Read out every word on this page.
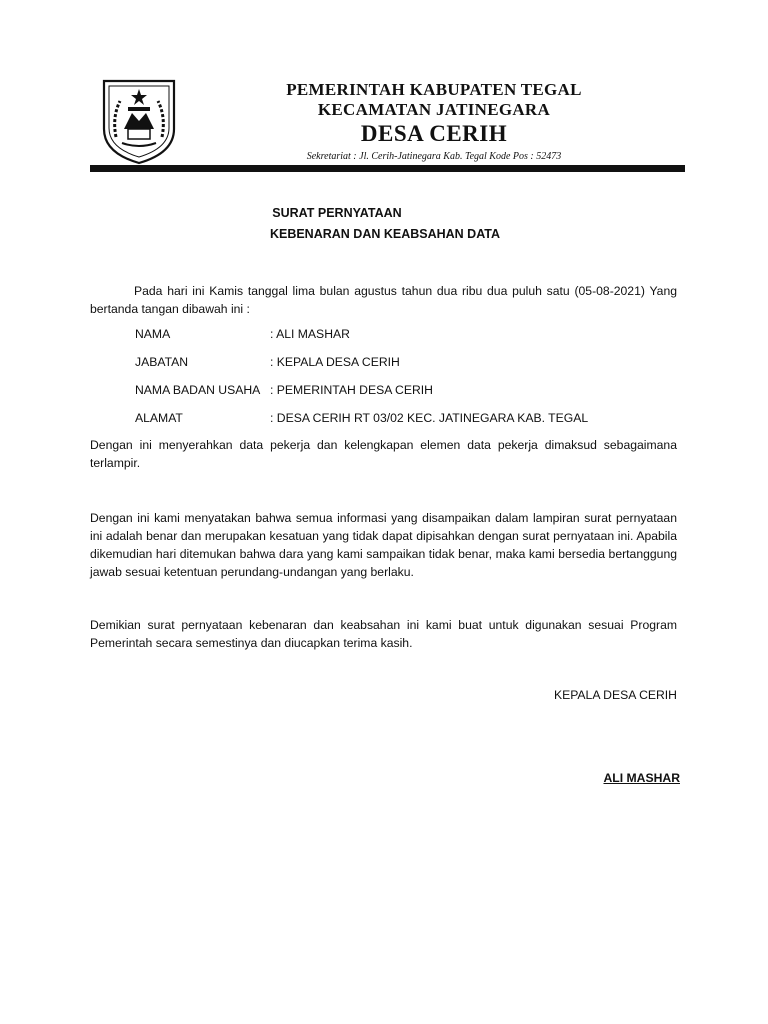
PEMERINTAH KABUPATEN TEGAL
KECAMATAN JATINEGARA
DESA CERIH
Sekretariat : Jl. Cerih-Jatinegara Kab. Tegal Kode Pos : 52473
SURAT PERNYATAAN
KEBENARAN DAN KEABSAHAN DATA
Pada hari ini Kamis tanggal lima bulan agustus tahun dua ribu dua puluh satu (05-08-2021) Yang bertanda tangan dibawah ini :
NAMA	: ALI MASHAR
JABATAN	: KEPALA DESA CERIH
NAMA BADAN USAHA : PEMERINTAH DESA CERIH
ALAMAT	: DESA CERIH RT 03/02 KEC. JATINEGARA KAB. TEGAL
Dengan ini menyerahkan data pekerja dan kelengkapan elemen data pekerja dimaksud sebagaimana terlampir.
Dengan ini kami menyatakan bahwa semua informasi yang disampaikan dalam lampiran surat pernyataan ini adalah benar dan merupakan kesatuan yang tidak dapat dipisahkan dengan surat pernyataan ini. Apabila dikemudian hari ditemukan bahwa dara yang kami sampaikan tidak benar, maka kami bersedia bertanggung jawab sesuai ketentuan perundang-undangan yang berlaku.
Demikian surat pernyataan kebenaran dan keabsahan ini kami buat untuk digunakan sesuai Program Pemerintah secara semestinya dan diucapkan terima kasih.
KEPALA DESA CERIH
ALI MASHAR
